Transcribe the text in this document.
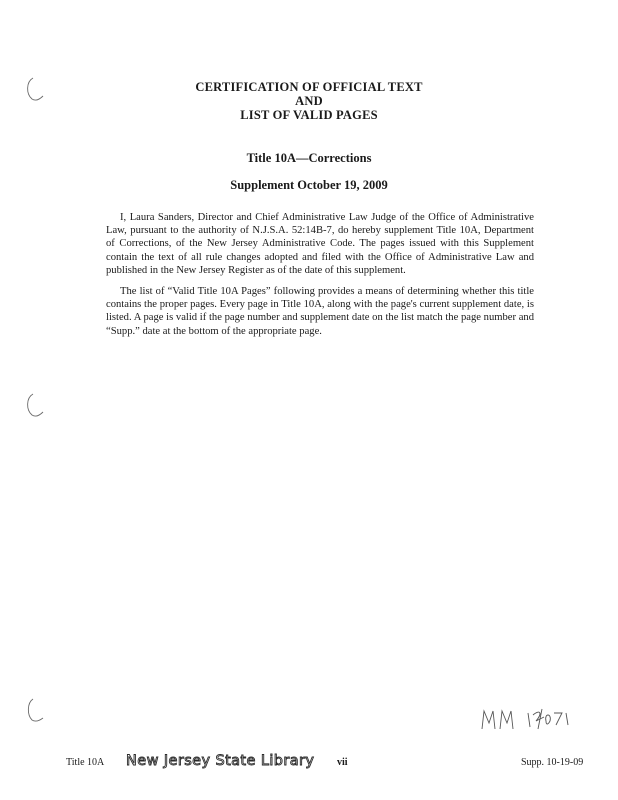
CERTIFICATION OF OFFICIAL TEXT
AND
LIST OF VALID PAGES
Title 10A—Corrections
Supplement October 19, 2009

I, Laura Sanders, Director and Chief Administrative Law Judge of the Office of Administrative Law, pursuant to the authority of N.J.S.A. 52:14B-7, do hereby supplement Title 10A, Department of Corrections, of the New Jersey Administrative Code. The pages issued with this Supplement contain the text of all rule changes adopted and filed with the Office of Administrative Law and published in the New Jersey Register as of the date of this supplement.

The list of “Valid Title 10A Pages” following provides a means of determining whether this title contains the proper pages. Every page in Title 10A, along with the page's current supplement date, is listed. A page is valid if the page number and supplement date on the list match the page number and “Supp.” date at the bottom of the appropriate page.

Title 10A New Jersey State Library vii	Supp. 10-19-09
